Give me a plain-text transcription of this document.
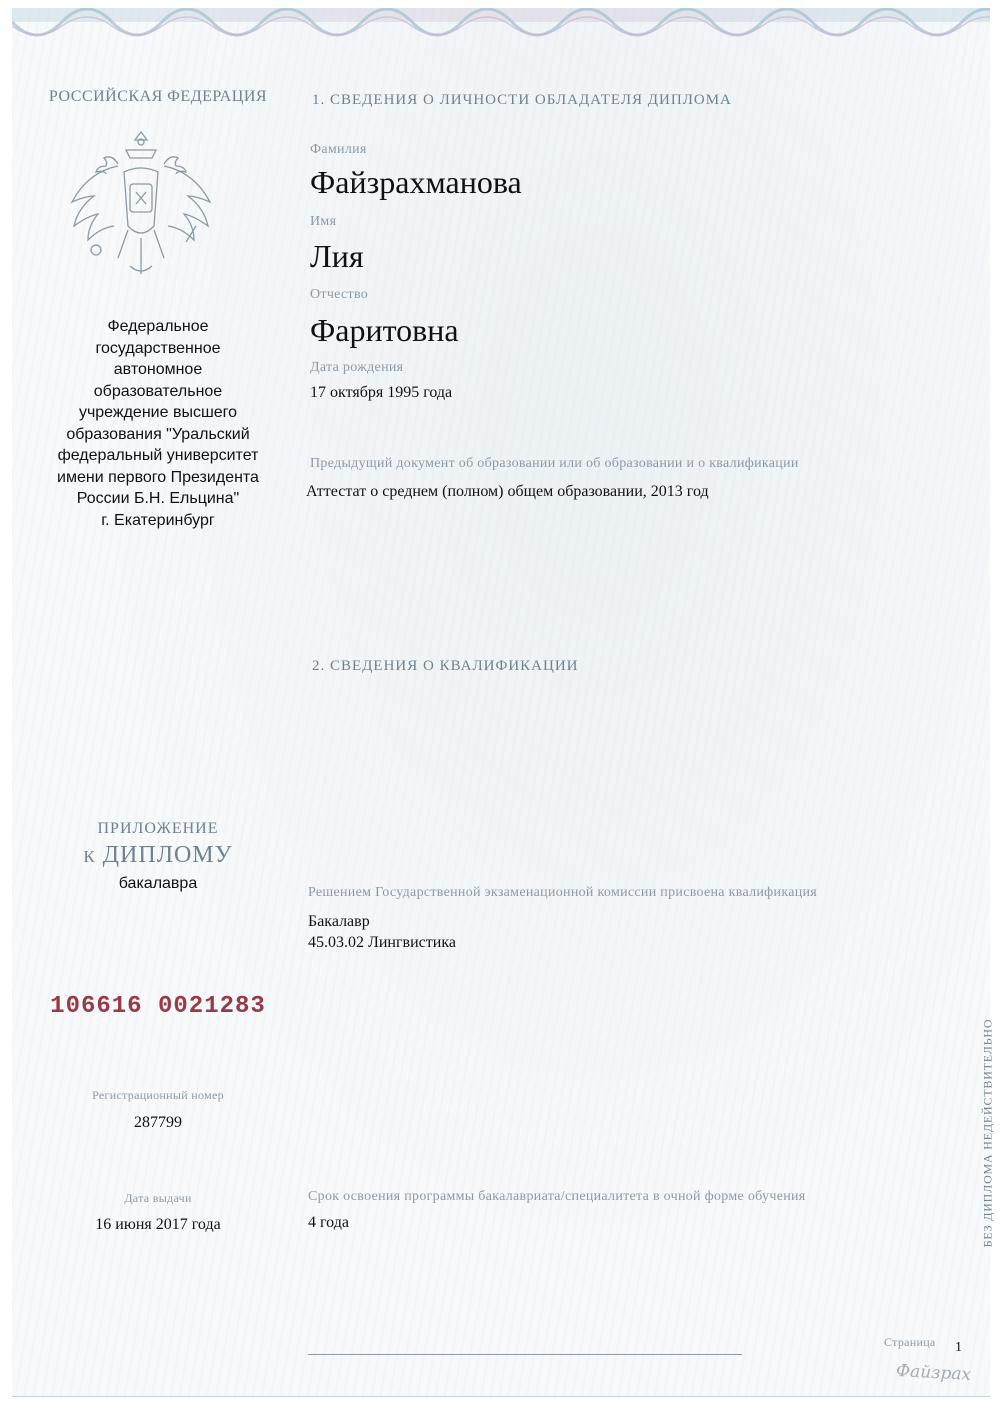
РОССИЙСКАЯ ФЕДЕРАЦИЯ
Федеральное
государственное
автономное
образовательное
учреждение высшего
образования "Уральский
федеральный университет
имени первого Президента
России Б.Н. Ельцина"
г. Екатеринбург
ПРИЛОЖЕНИЕ
к ДИПЛОМУ
бакалавра
106616 0021283
Регистрационный номер
287799
Дата выдачи
16 июня 2017 года
1. СВЕДЕНИЯ О ЛИЧНОСТИ ОБЛАДАТЕЛЯ ДИПЛОМА
Фамилия
Файзрахманова
Имя
Лия
Отчество
Фаритовна
Дата рождения
17 октября 1995 года
Предыдущий документ об образовании или об образовании и о квалификации
Аттестат о среднем (полном) общем образовании, 2013 год
2. СВЕДЕНИЯ О КВАЛИФИКАЦИИ
Решением Государственной экзаменационной комиссии присвоена квалификация
Бакалавр
45.03.02 Лингвистика
Срок освоения программы бакалавриата/специалитета в очной форме обучения
4 года	БЕЗ ДИПЛОМА НЕДЕЙСТВИТЕЛЬНО
Страница 1
Файзрах
